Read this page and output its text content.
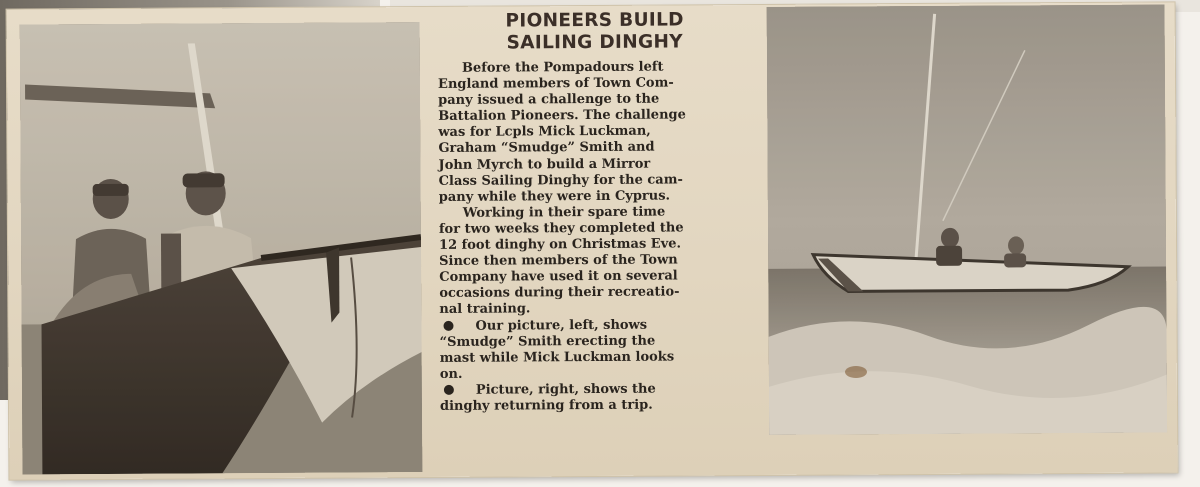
PIONEERS BUILD
SAILING DINGHY
Before the Pompadours left
England members of Town Com-
pany issued a challenge to the
Battalion Pioneers. The challenge
was for Lcpls Mick Luckman,
Graham “Smudge” Smith and
John Myrch to build a Mirror
Class Sailing Dinghy for the cam-
pany while they were in Cyprus.
Working in their spare time
for two weeks they completed the
12 foot dinghy on Christmas Eve.
Since then members of the Town
Company have used it on several
occasions during their recreatio-
nal training.
Our picture, left, shows
“Smudge” Smith erecting the
mast while Mick Luckman looks
on.
Picture, right, shows the
dinghy returning from a trip.
